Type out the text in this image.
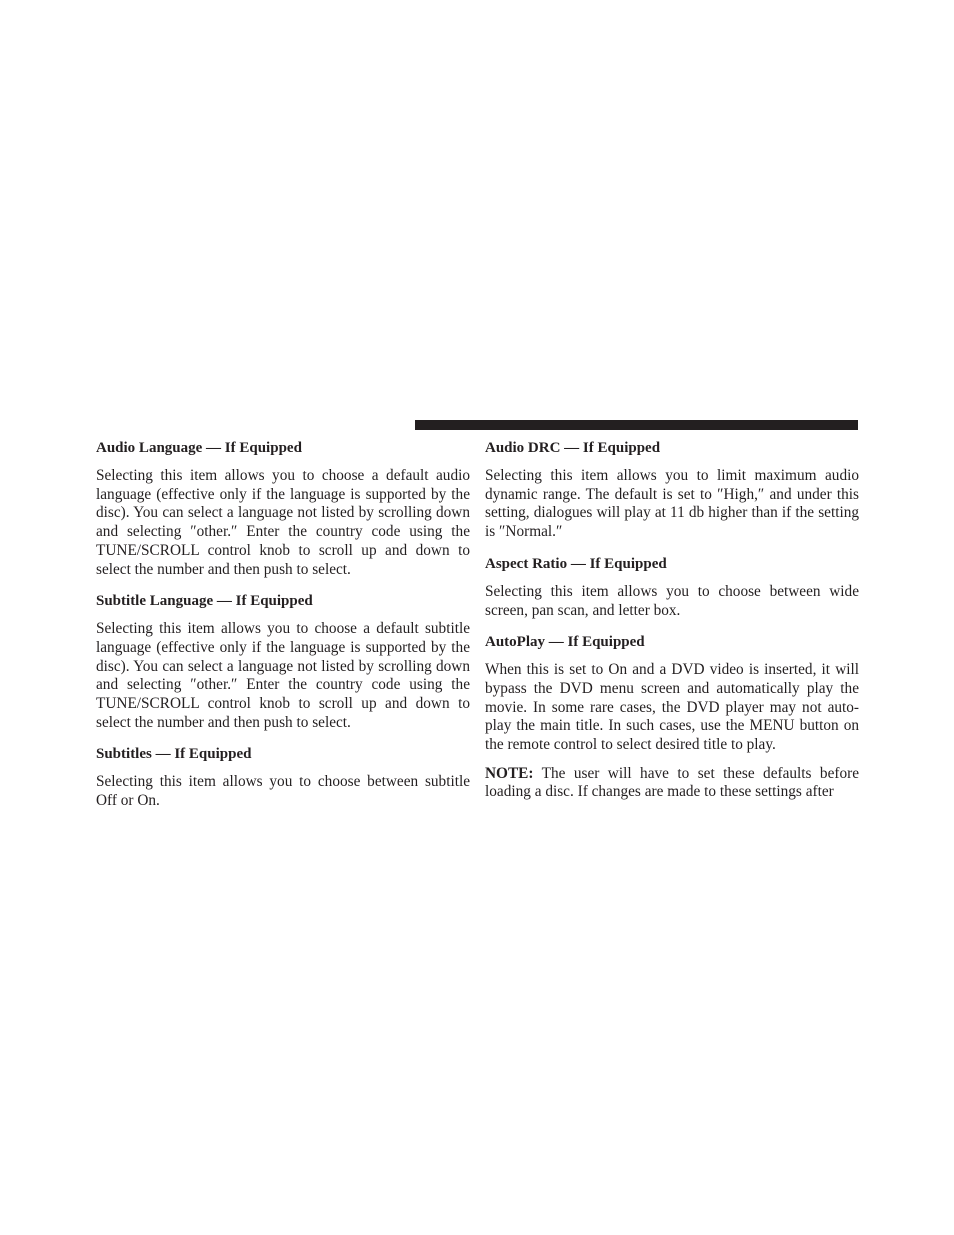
Audio Language — If Equipped

Selecting this item allows you to choose a default audio language (effective only if the language is supported by the disc). You can select a language not listed by scrolling down and selecting ″other.″ Enter the country code using the TUNE/SCROLL control knob to scroll up and down to select the number and then push to select.

Subtitle Language — If Equipped

Selecting this item allows you to choose a default subtitle language (effective only if the language is supported by the disc). You can select a language not listed by scrolling down and selecting ″other.″ Enter the country code using the TUNE/SCROLL control knob to scroll up and down to select the number and then push to select.

Subtitles — If Equipped

Selecting this item allows you to choose between subtitle Off or On.

Audio DRC — If Equipped

Selecting this item allows you to limit maximum audio dynamic range. The default is set to ″High,″ and under this setting, dialogues will play at 11 db higher than if the setting is ″Normal.″

Aspect Ratio — If Equipped

Selecting this item allows you to choose between wide screen, pan scan, and letter box.

AutoPlay — If Equipped

When this is set to On and a DVD video is inserted, it will bypass the DVD menu screen and automatically play the movie. In some rare cases, the DVD player may not auto-play the main title. In such cases, use the MENU button on the remote control to select desired title to play.

NOTE: The user will have to set these defaults before loading a disc. If changes are made to these settings after
